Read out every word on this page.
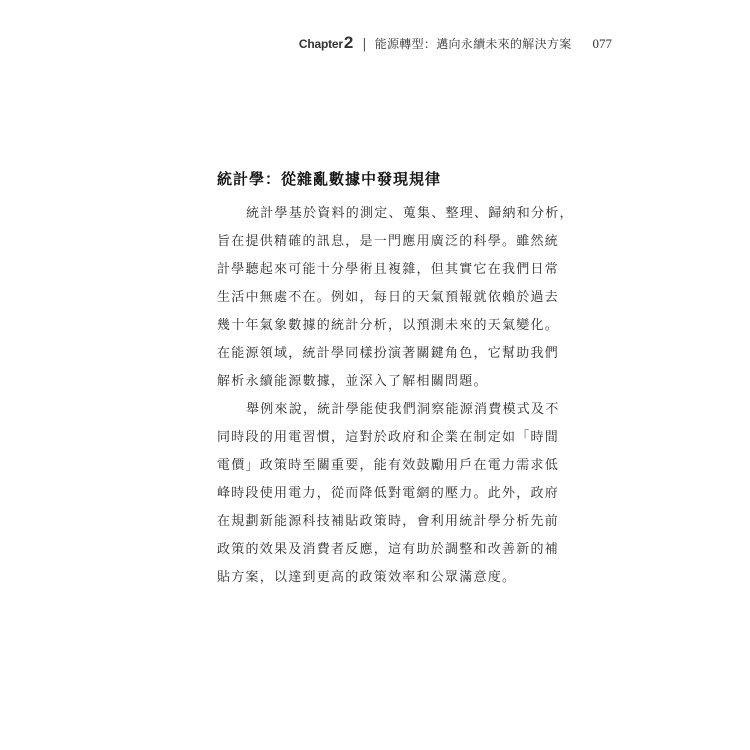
Chapter 2 | 能源轉型：邁向永續未來的解決方案 077
統計學：從雜亂數據中發現規律

統計學基於資料的測定、蒐集、整理、歸納和分析，
旨在提供精確的訊息，是一門應用廣泛的科學。雖然統
計學聽起來可能十分學術且複雜，但其實它在我們日常
生活中無處不在。例如，每日的天氣預報就依賴於過去
幾十年氣象數據的統計分析，以預測未來的天氣變化。
在能源領域，統計學同樣扮演著關鍵角色，它幫助我們
解析永續能源數據，並深入了解相關問題。

舉例來說，統計學能使我們洞察能源消費模式及不
同時段的用電習慣，這對於政府和企業在制定如「時間
電價」政策時至關重要，能有效鼓勵用戶在電力需求低
峰時段使用電力，從而降低對電網的壓力。此外，政府
在規劃新能源科技補貼政策時，會利用統計學分析先前
政策的效果及消費者反應，這有助於調整和改善新的補
貼方案，以達到更高的政策效率和公眾滿意度。
